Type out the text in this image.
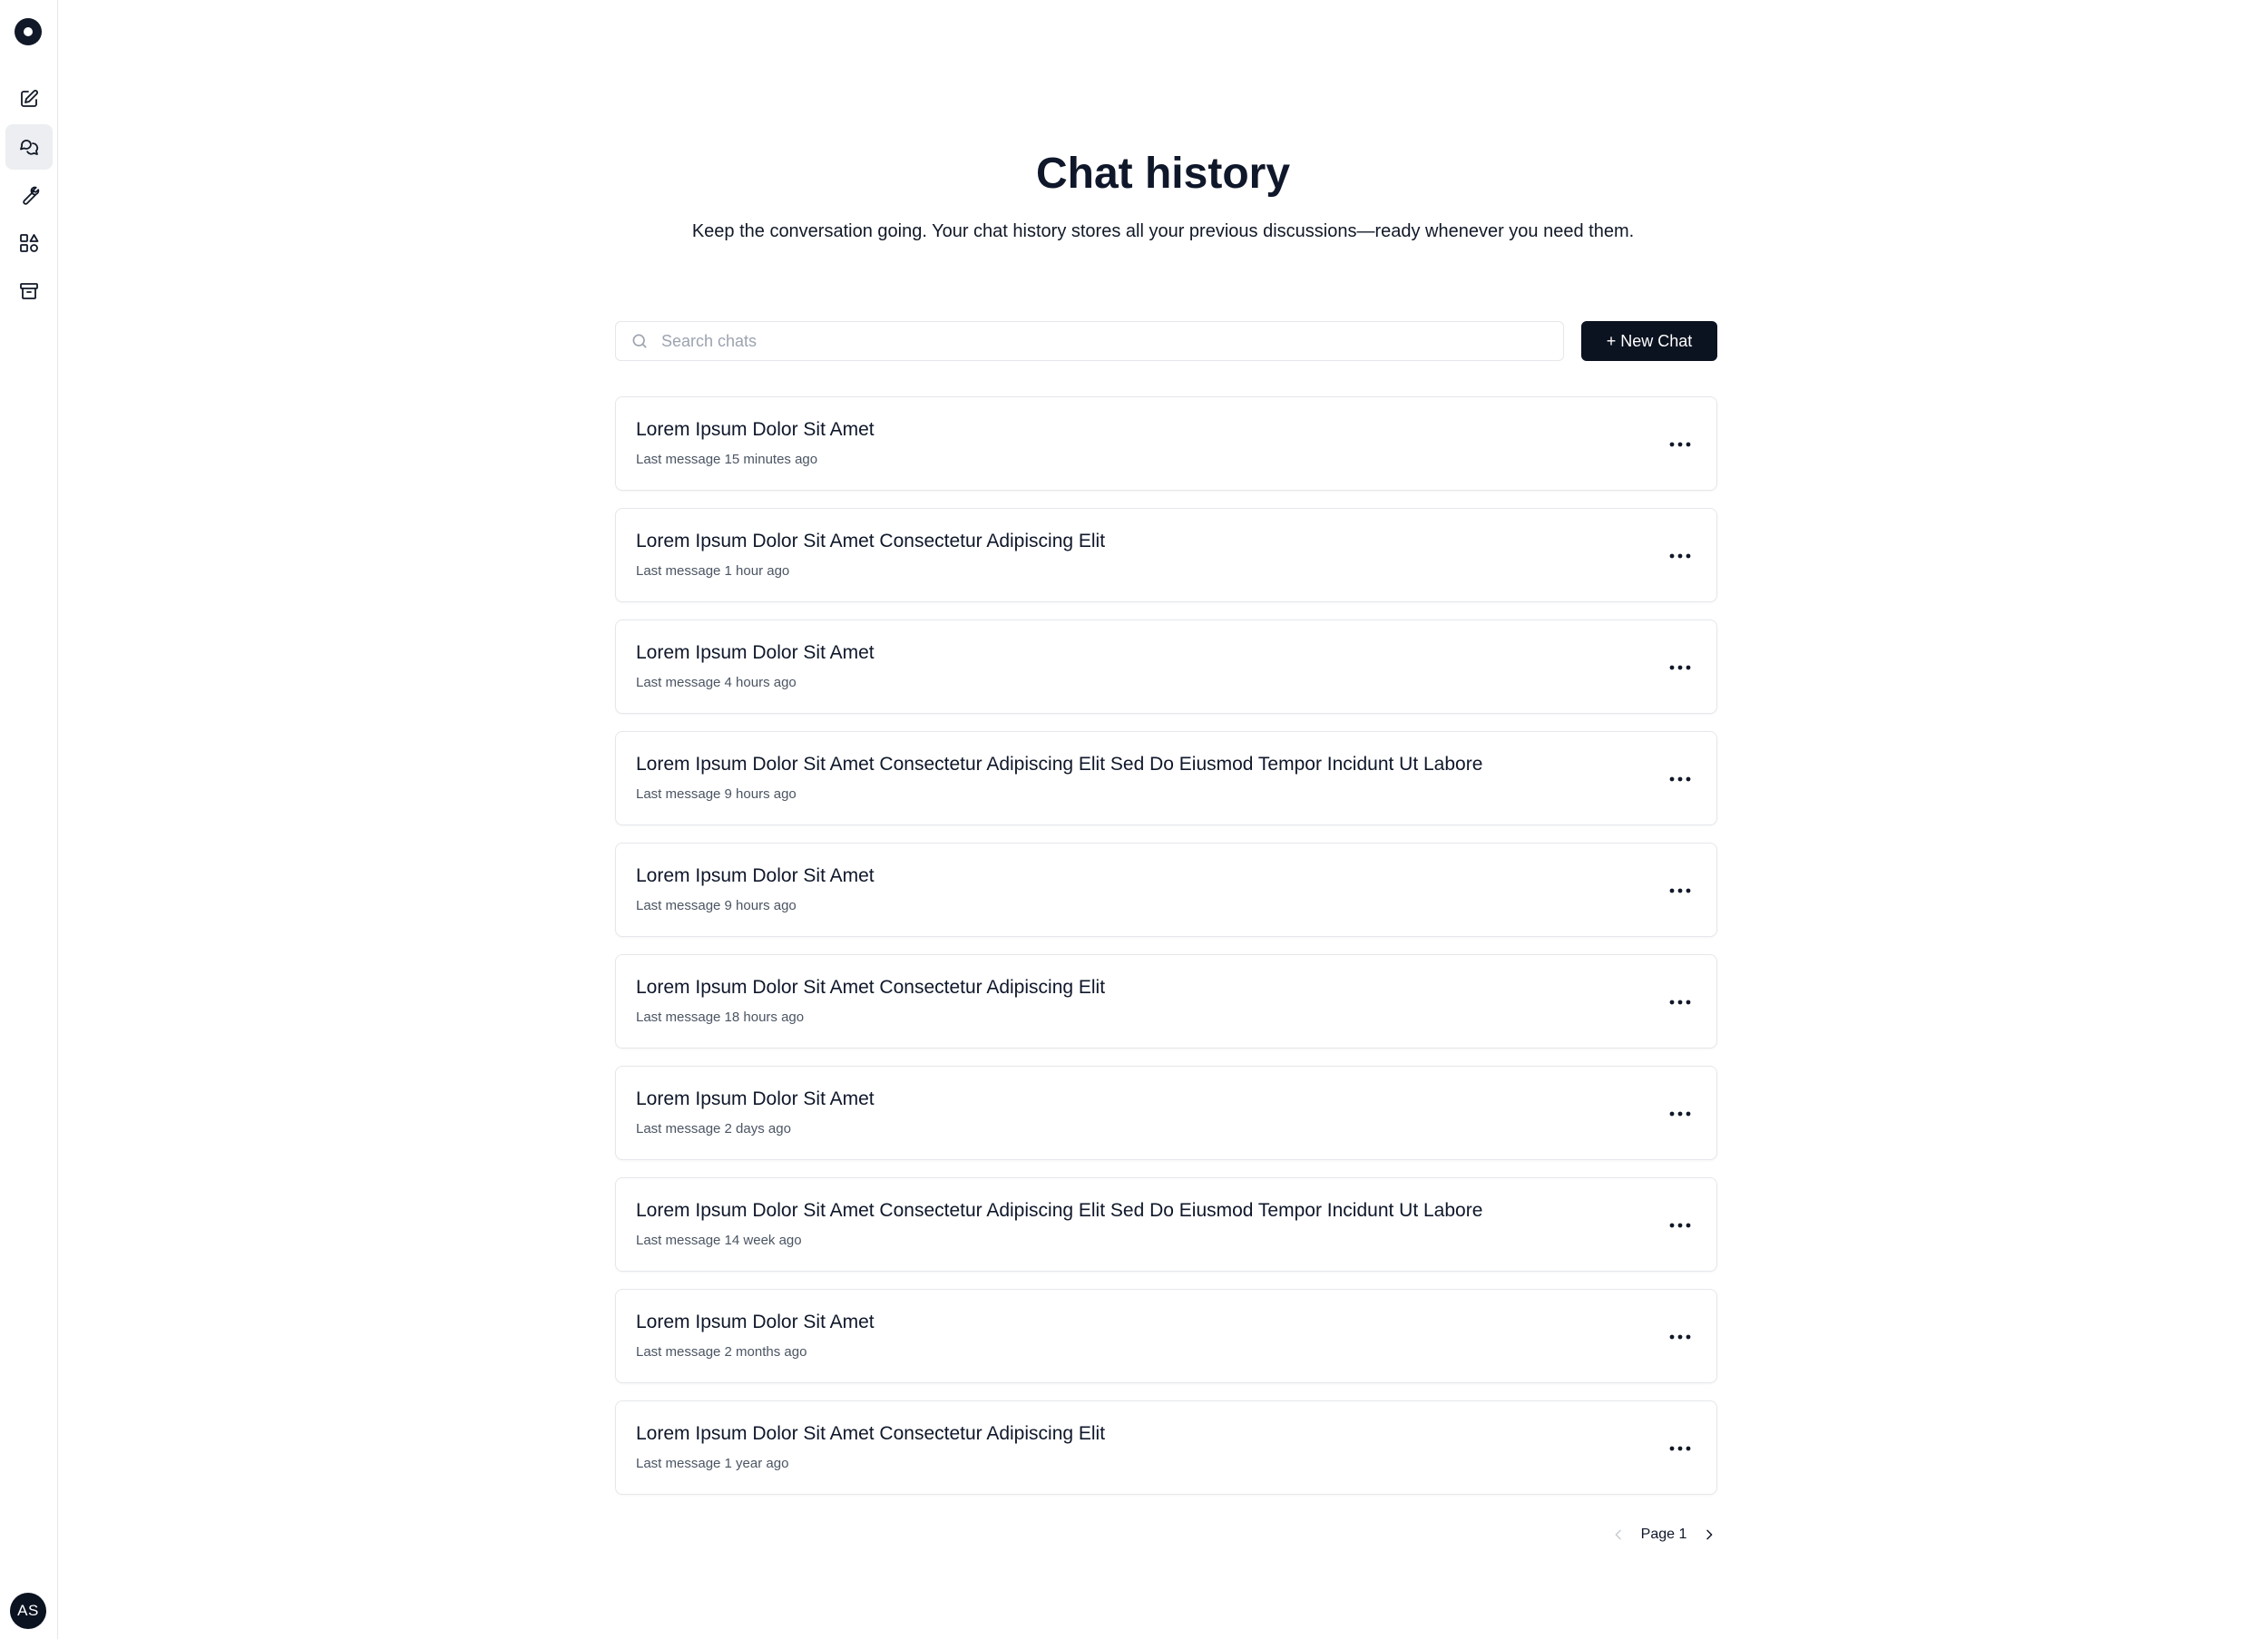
AS
Chat history

Keep the conversation going. Your chat history stores all your previous discussions—ready whenever you need them.

Search chats
+ New Chat
Lorem Ipsum Dolor Sit Amet
Last message 15 minutes ago
Lorem Ipsum Dolor Sit Amet Consectetur Adipiscing Elit
Last message 1 hour ago
Lorem Ipsum Dolor Sit Amet
Last message 4 hours ago
Lorem Ipsum Dolor Sit Amet Consectetur Adipiscing Elit Sed Do Eiusmod Tempor Incidunt Ut Labore
Last message 9 hours ago
Lorem Ipsum Dolor Sit Amet
Last message 9 hours ago
Lorem Ipsum Dolor Sit Amet Consectetur Adipiscing Elit
Last message 18 hours ago
Lorem Ipsum Dolor Sit Amet
Last message 2 days ago
Lorem Ipsum Dolor Sit Amet Consectetur Adipiscing Elit Sed Do Eiusmod Tempor Incidunt Ut Labore
Last message 14 week ago
Lorem Ipsum Dolor Sit Amet
Last message 2 months ago
Lorem Ipsum Dolor Sit Amet Consectetur Adipiscing Elit
Last message 1 year ago
Page 1
